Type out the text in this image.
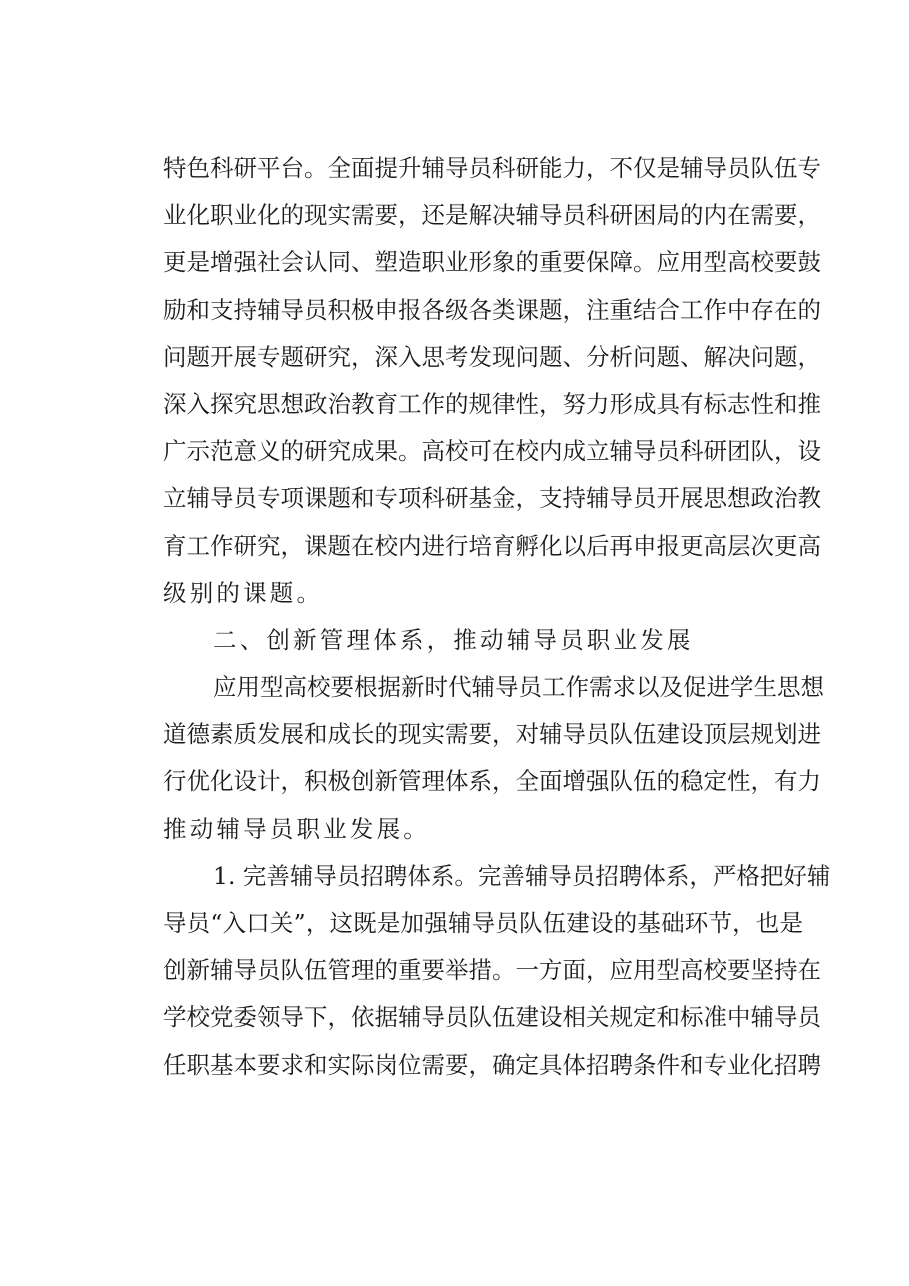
特色科研平台。全面提升辅导员科研能力，不仅是辅导员队伍专
业化职业化的现实需要，还是解决辅导员科研困局的内在需要，
更是增强社会认同、塑造职业形象的重要保障。应用型高校要鼓
励和支持辅导员积极申报各级各类课题，注重结合工作中存在的
问题开展专题研究，深入思考发现问题、分析问题、解决问题，
深入探究思想政治教育工作的规律性，努力形成具有标志性和推
广示范意义的研究成果。高校可在校内成立辅导员科研团队，设
立辅导员专项课题和专项科研基金，支持辅导员开展思想政治教
育工作研究，课题在校内进行培育孵化以后再申报更高层次更高
级别的课题。
二、创新管理体系，推动辅导员职业发展
应用型高校要根据新时代辅导员工作需求以及促进学生思想
道德素质发展和成长的现实需要，对辅导员队伍建设顶层规划进
行优化设计，积极创新管理体系，全面增强队伍的稳定性，有力
推动辅导员职业发展。
1. 完善辅导员招聘体系。完善辅导员招聘体系，严格把好辅
导员“入口关”，这既是加强辅导员队伍建设的基础环节，也是
创新辅导员队伍管理的重要举措。一方面，应用型高校要坚持在
学校党委领导下，依据辅导员队伍建设相关规定和标准中辅导员
任职基本要求和实际岗位需要，确定具体招聘条件和专业化招聘
